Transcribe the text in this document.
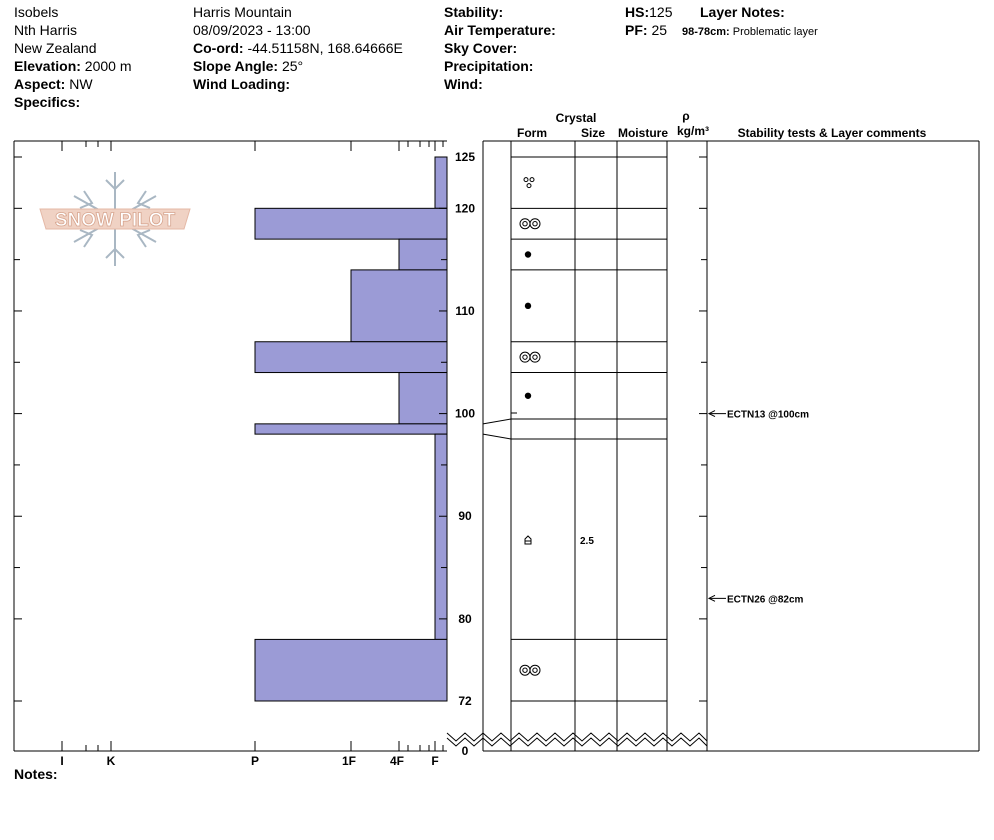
Isobels
Nth Harris
New Zealand
Elevation: 2000 m
Aspect: NW
Specifics:
Harris Mountain
08/09/2023 - 13:00
Co-ord: -44.51158N, 168.64666E
Slope Angle: 25°
Wind Loading:
Stability:
Air Temperature:
Sky Cover:
Precipitation:
Wind:
HS:125
PF: 25
Layer Notes:
98-78cm: Problematic layer
Notes:
SNOW PILOT
I	K	P	1F	4F F
125
120
110
100
90
80
72
0
Crystal
Form	Size Moisture
ρ
kg/m³ Stability tests & Layer comments
2.5
ECTN13 @100cm
ECTN26 @82cm
